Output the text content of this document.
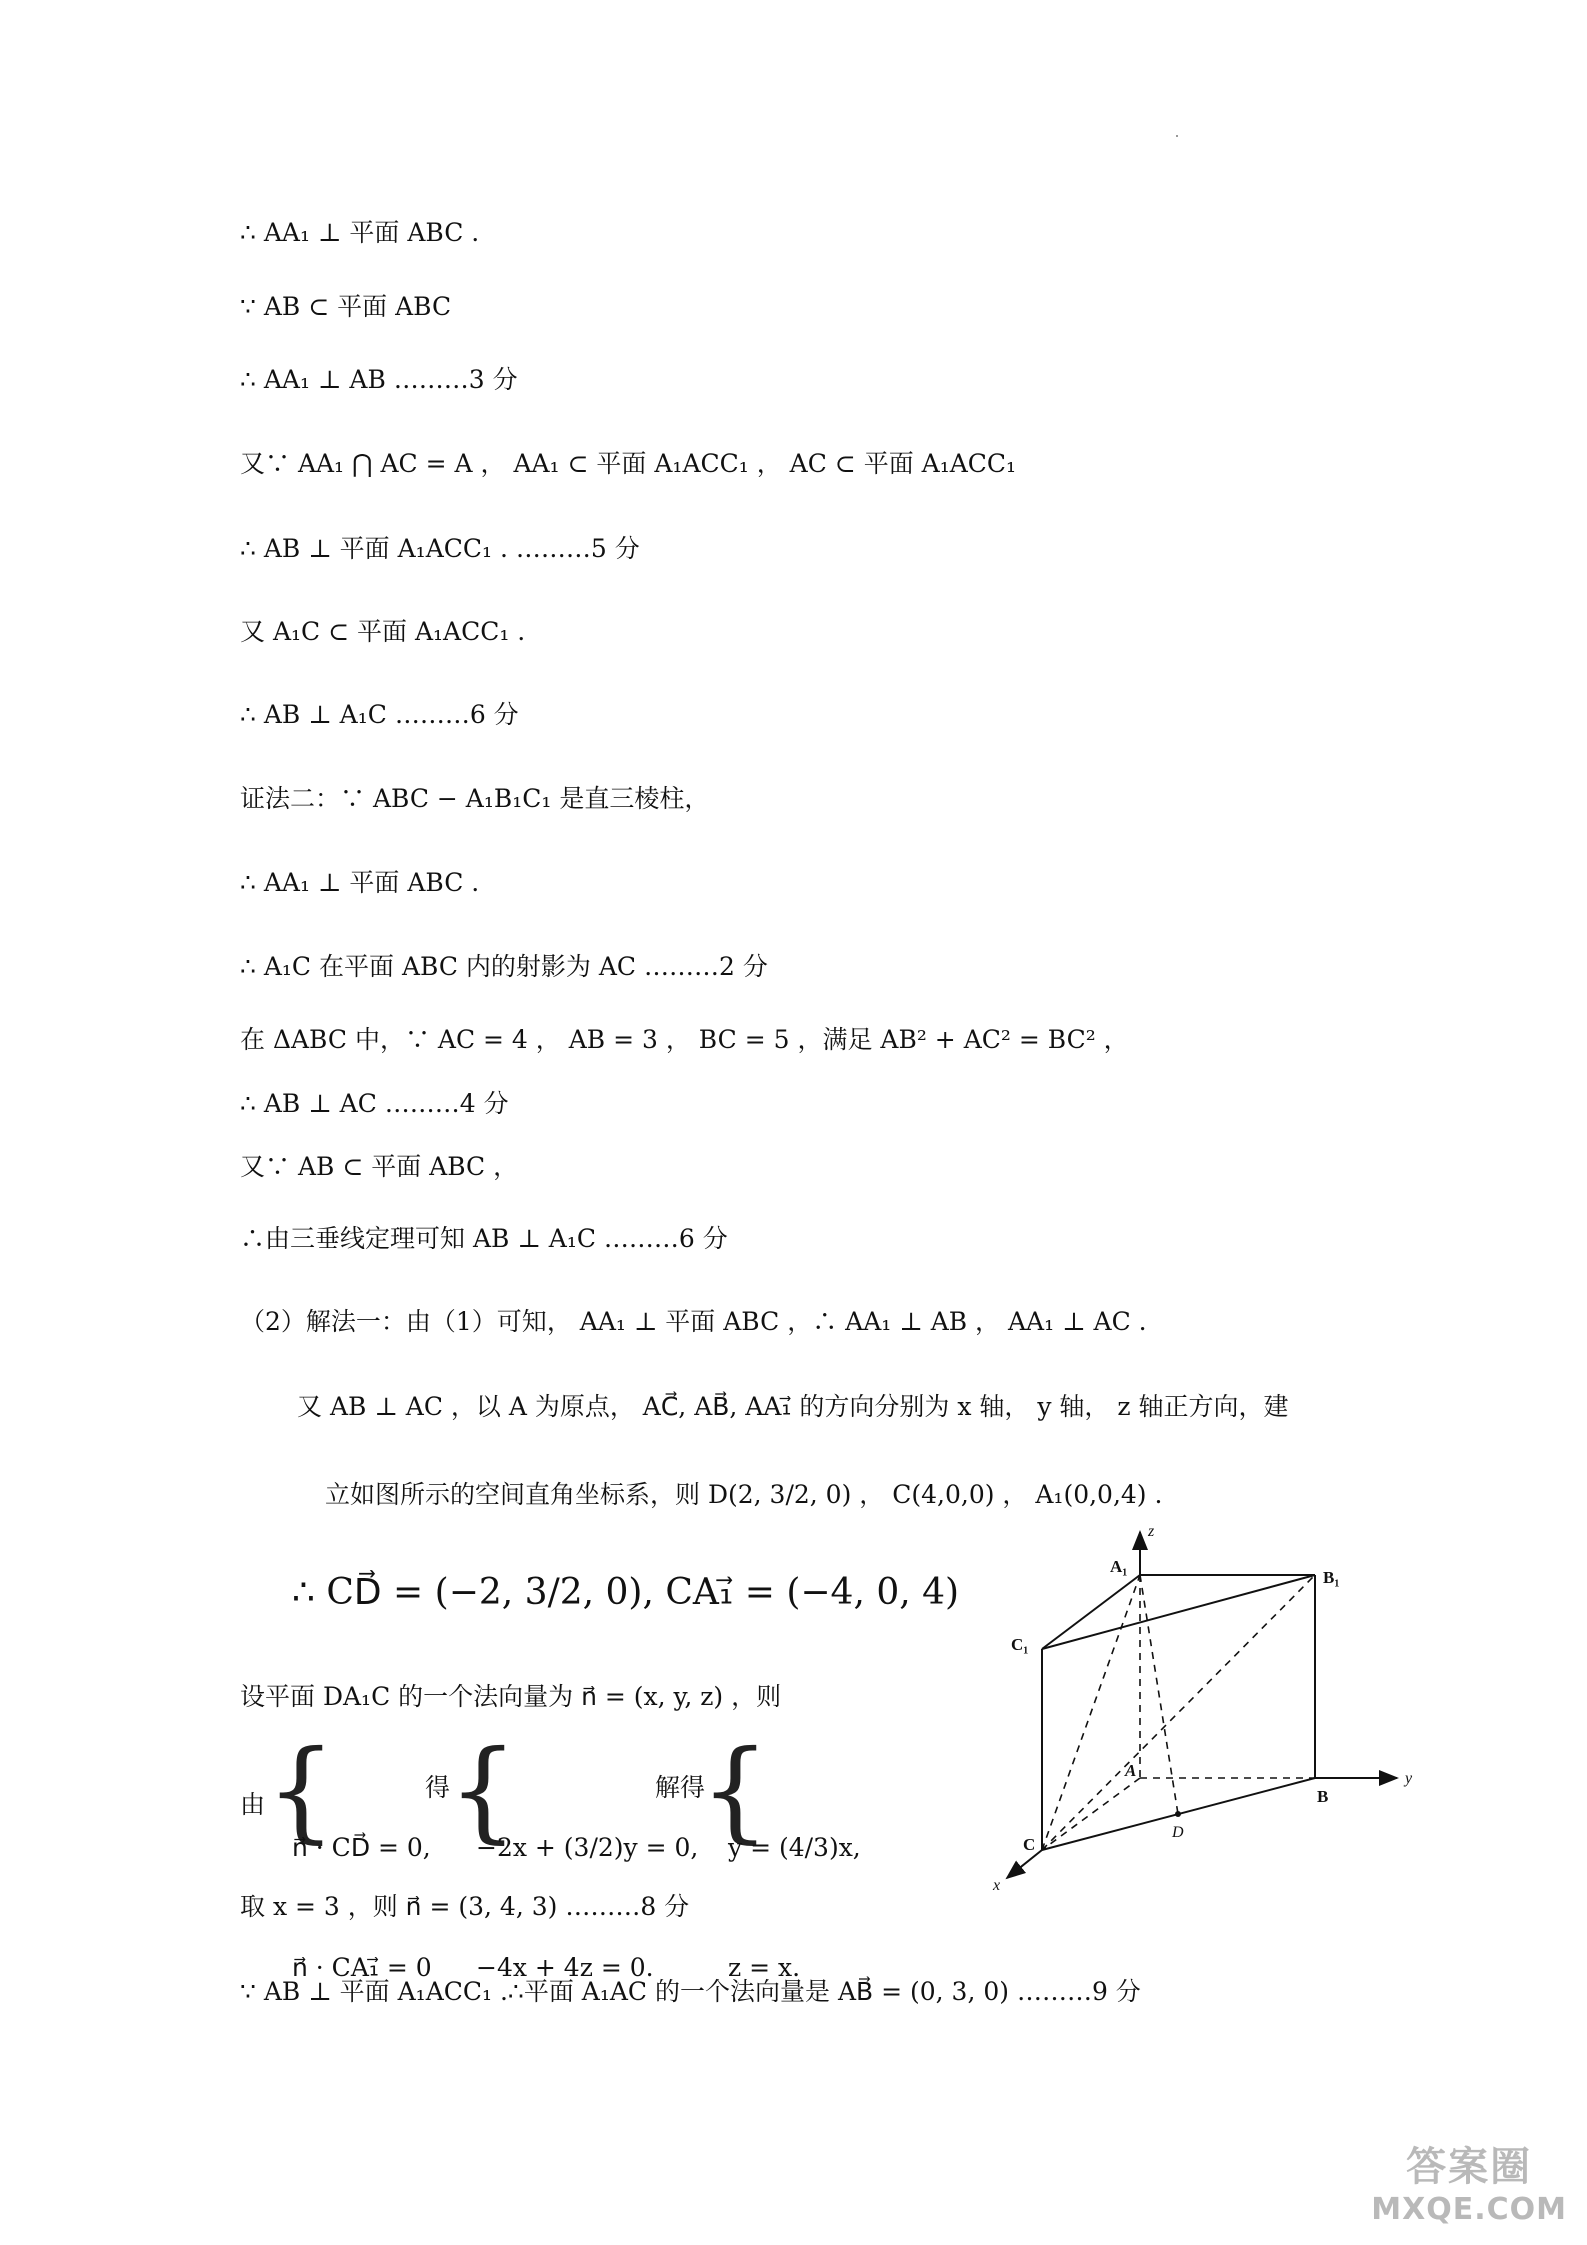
∴ AA₁ ⊥ 平面 ABC .
∵ AB ⊂ 平面 ABC
∴ AA₁ ⊥ AB ………3 分
又∵ AA₁ ⋂ AC = A ， AA₁ ⊂ 平面 A₁ACC₁ ， AC ⊂ 平面 A₁ACC₁
∴ AB ⊥ 平面 A₁ACC₁ . ………5 分
又 A₁C ⊂ 平面 A₁ACC₁ .
∴ AB ⊥ A₁C ………6 分
证法二：∵ ABC − A₁B₁C₁ 是直三棱柱，
∴ AA₁ ⊥ 平面 ABC .
∴ A₁C 在平面 ABC 内的射影为 AC ………2 分
在 ΔABC 中，∵ AC = 4 ， AB = 3 ， BC = 5 ，满足 AB² + AC² = BC² ，
∴ AB ⊥ AC ………4 分
又∵ AB ⊂ 平面 ABC ，
∴由三垂线定理可知 AB ⊥ A₁C ………6 分
（2）解法一：由（1）可知， AA₁ ⊥ 平面 ABC ，∴ AA₁ ⊥ AB ， AA₁ ⊥ AC .
又 AB ⊥ AC ，以 A 为原点， AC⃗, AB⃗, AA₁⃗ 的方向分别为 x 轴， y 轴， z 轴正方向，建
立如图所示的空间直角坐标系，则 D(2, 3/2, 0) ， C(4,0,0) ， A₁(0,0,4) .
∴ CD⃗ = (−2, 3/2, 0), CA₁⃗ = (−4, 0, 4)
设平面 DA₁C 的一个法向量为 n⃗ = (x, y, z) ，则
由 {

n⃗ · CD⃗ = 0,

n⃗ · CA₁⃗ = 0

得
{

−2x + (3/2)y = 0,

−4x + 4z = 0.

解得
{

y = (4/3)x,

z = x.

取 x = 3 ，则 n⃗ = (3, 4, 3) ………8 分
∵ AB ⊥ 平面 A₁ACC₁ .∴平面 A₁AC 的一个法向量是 AB⃗ = (0, 3, 0) ………9 分
A₁
B₁
C₁
A
B
C
D
z
y
x
答案圈
MXQE.COM
